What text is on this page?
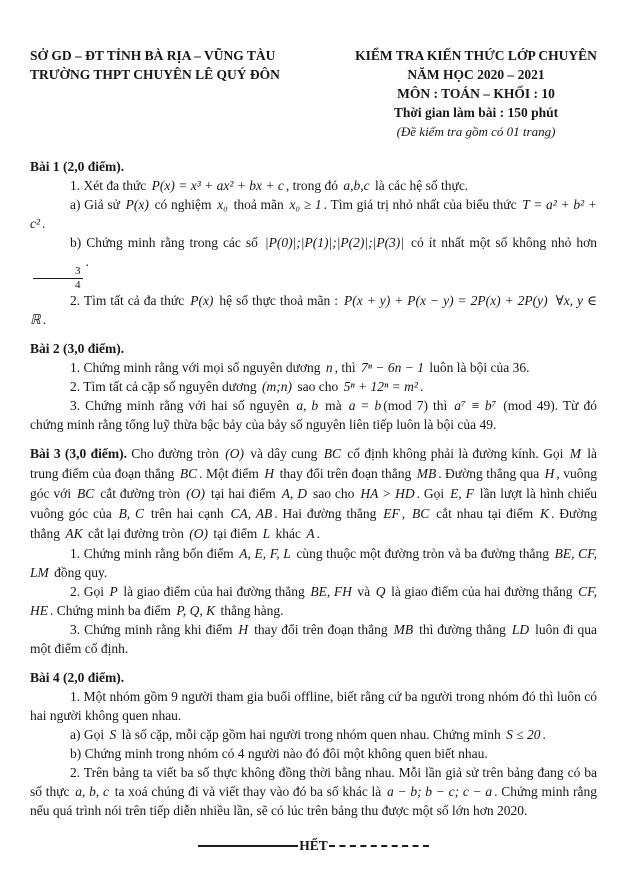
SỞ GD – ĐT TỈNH BÀ RỊA – VŨNG TÀU
TRƯỜNG THPT CHUYÊN LÊ QUÝ ĐÔN
KIỂM TRA KIẾN THỨC LỚP CHUYÊN
NĂM HỌC 2020 – 2021
MÔN : TOÁN – KHỐI : 10
Thời gian làm bài : 150 phút
(Đề kiểm tra gồm có 01 trang)

Bài 1 (2,0 điểm).

1. Xét đa thức P(x) = x³ + ax² + bx + c , trong đó a,b,c là các hệ số thực.

a) Giả sử P(x) có nghiệm x₀ thoả mãn x₀ ≥ 1 . Tìm giá trị nhỏ nhất của biểu thức T = a² + b² + c² .

b) Chứng minh rằng trong các số |P(0)|;|P(1)|;|P(2)|;|P(3)| có ít nhất một số không nhỏ hơn
$\frac{3}{4}$
.

2. Tìm tất cả đa thức P(x) hệ số thực thoả mãn : P(x + y) + P(x − y) = 2P(x) + 2P(y) ∀x, y ∈ ℝ .

Bài 2 (3,0 điểm).

1. Chứng minh rằng với mọi số nguyên dương n , thì 7ⁿ − 6n − 1 luôn là bội của 36.

2. Tìm tất cả cặp số nguyên dương (m;n) sao cho 5ⁿ + 12ⁿ = m² .

3. Chứng minh rằng với hai số nguyên a, b mà a = b (mod 7) thì a⁷ ≡ b⁷ (mod 49). Từ đó chứng minh rằng tổng luỹ thừa bậc bảy của bảy số nguyên liên tiếp luôn là bội của 49.

Bài 3 (3,0 điểm). Cho đường tròn (O) và dây cung BC cố định không phải là đường kính. Gọi M là trung điểm của đoạn thẳng BC . Một điểm H thay đổi trên đoạn thẳng MB . Đường thẳng qua H , vuông góc với BC cắt đường tròn (O) tại hai điểm A, D sao cho HA > HD . Gọi E, F lần lượt là hình chiếu vuông góc của B, C trên hai cạnh CA, AB . Hai đường thẳng EF , BC cắt nhau tại điểm K . Đường thẳng AK cắt lại đường tròn (O) tại điểm L khác A .

1. Chứng minh rằng bốn điểm A, E, F, L cùng thuộc một đường tròn và ba đường thẳng BE, CF, LM đồng quy.

2. Gọi P là giao điểm của hai đường thẳng BE, FH và Q là giao điểm của hai đường thẳng CF, HE . Chứng minh ba điểm P, Q, K thẳng hàng.

3. Chứng minh rằng khi điểm H thay đổi trên đoạn thẳng MB thì đường thẳng LD luôn đi qua một điểm cố định.

Bài 4 (2,0 điểm).

1. Một nhóm gồm 9 người tham gia buổi offline, biết rằng cứ ba người trong nhóm đó thì luôn có hai người không quen nhau.

a) Gọi S là số cặp, mỗi cặp gồm hai người trong nhóm quen nhau. Chứng minh S ≤ 20 .

b) Chứng minh trong nhóm có 4 người nào đó đôi một không quen biết nhau.

2. Trên bảng ta viết ba số thực không đồng thời bằng nhau. Mỗi lần giả sử trên bảng đang có ba số thực a, b, c ta xoá chúng đi và viết thay vào đó ba số khác là a − b; b − c; c − a . Chứng minh rằng nếu quá trình nói trên tiếp diễn nhiều lần, sẽ có lúc trên bảng thu được một số lớn hơn 2020.

HẾT
